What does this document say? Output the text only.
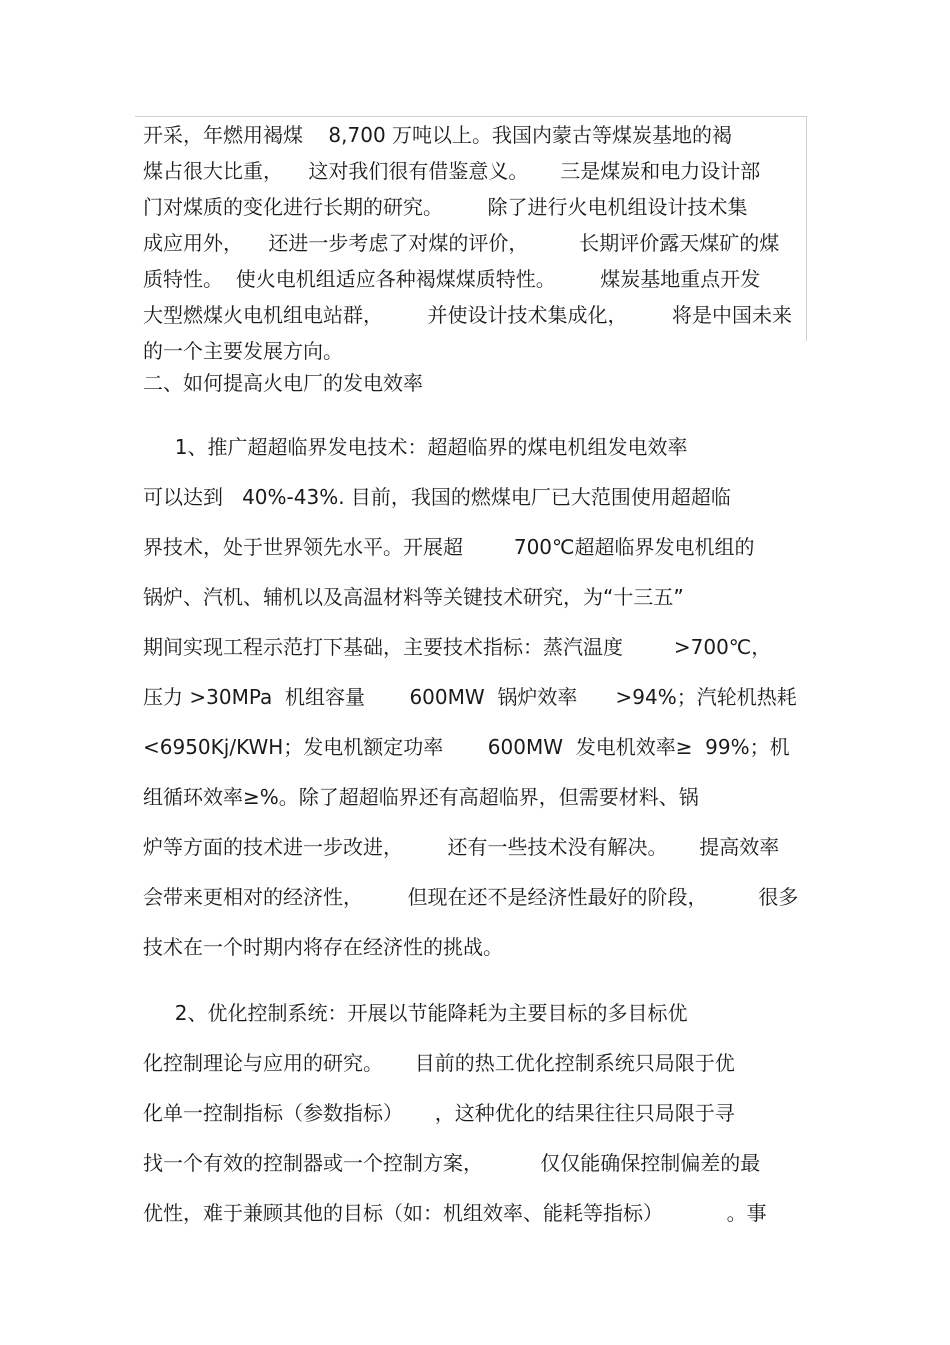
开采，年燃用褐煤    8,700 万吨以上。我国内蒙古等煤炭基地的褐
煤占很大比重，    这对我们很有借鉴意义。     三是煤炭和电力设计部
门对煤质的变化进行长期的研究。       除了进行火电机组设计技术集
成应用外，    还进一步考虑了对煤的评价，        长期评价露天煤矿的煤
质特性。  使火电机组适应各种褐煤煤质特性。       煤炭基地重点开发
大型燃煤火电机组电站群，       并使设计技术集成化，       将是中国未来
的一个主要发展方向。
二、如何提高火电厂的发电效率
1、推广超超临界发电技术：超超临界的煤电机组发电效率
可以达到   40%-43%. 目前，我国的燃煤电厂已大范围使用超超临
界技术，处于世界领先水平。开展超        700℃超超临界发电机组的
锅炉、汽机、辅机以及高温材料等关键技术研究，为“十三五”
期间实现工程示范打下基础，主要技术指标：蒸汽温度        >700℃，
压力 >30MPa  机组容量       600MW  锅炉效率      >94%；汽轮机热耗
<6950Kj/KWH；发电机额定功率       600MW  发电机效率≥  99%；机
组循环效率≥%。除了超超临界还有高超临界，但需要材料、锅
炉等方面的技术进一步改进，       还有一些技术没有解决。     提高效率
会带来更相对的经济性，       但现在还不是经济性最好的阶段，        很多
技术在一个时期内将存在经济性的挑战。
2、优化控制系统：开展以节能降耗为主要目标的多目标优
化控制理论与应用的研究。     目前的热工优化控制系统只局限于优
化单一控制指标（参数指标）     ，这种优化的结果往往只局限于寻
找一个有效的控制器或一个控制方案，         仅仅能确保控制偏差的最
优性，难于兼顾其他的目标（如：机组效率、能耗等指标）          。事
